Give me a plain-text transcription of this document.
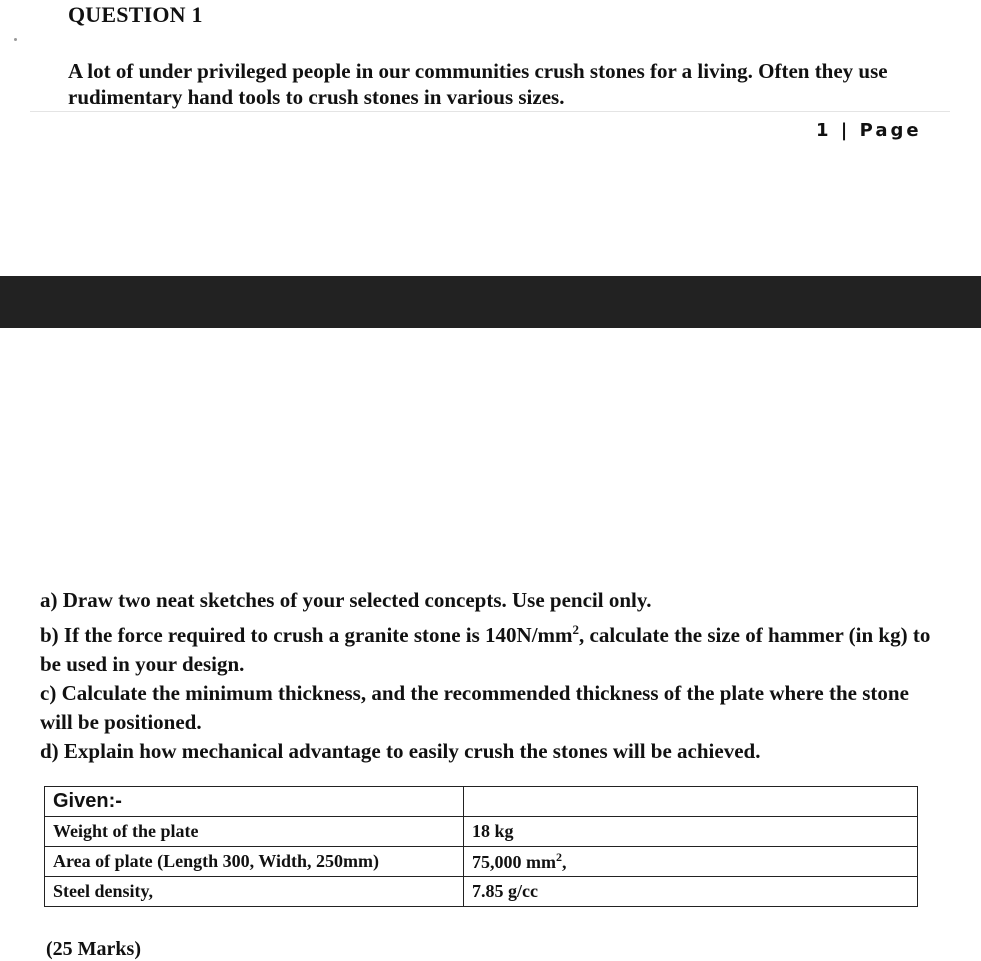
QUESTION 1
A lot of under privileged people in our communities crush stones for a living. Often they use rudimentary hand tools to crush stones in various sizes.
1 | Page

a) Draw two neat sketches of your selected concepts. Use pencil only.

b) If the force required to crush a granite stone is $140N/mm^2$, calculate the size of hammer (in kg) to be used in your design.

c) Calculate the minimum thickness, and the recommended thickness of the plate where the stone will be positioned.

d) Explain how mechanical advantage to easily crush the stones will be achieved.

Given:-	
Weight of the plate	18 kg
Area of plate (Length 300, Width, 250mm)	75,000 $mm^2$,
Steel density,	7.85 g/cc
(25 Marks)
